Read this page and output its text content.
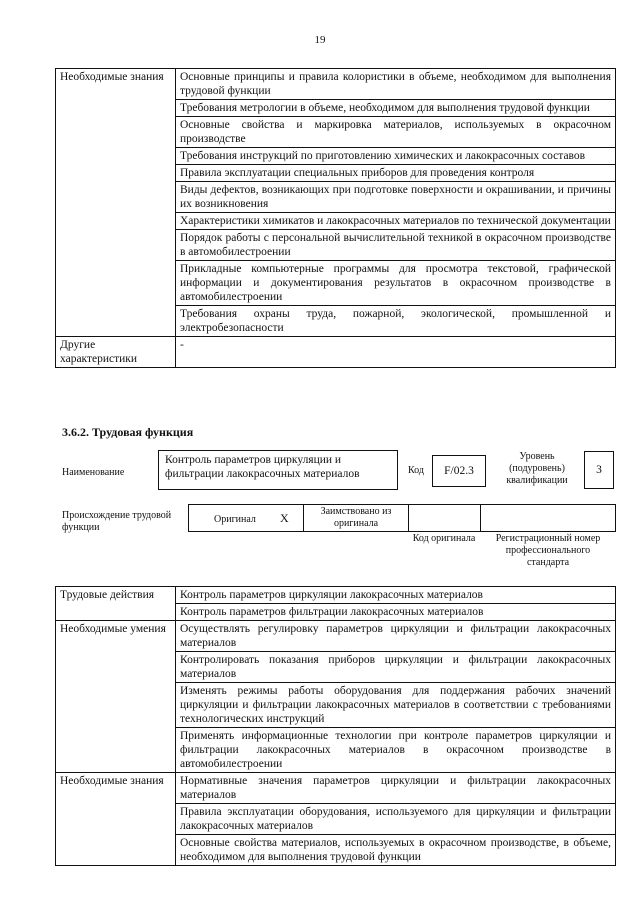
19
Необходимые знания	Основные принципы и правила колористики в объеме, необходимом для выполнения трудовой функции
	Требования метрологии в объеме, необходимом для выполнения трудовой функции
	Основные свойства и маркировка материалов, используемых в окрасочном производстве
	Требования инструкций по приготовлению химических и лакокрасочных составов
	Правила эксплуатации специальных приборов для проведения контроля
	Виды дефектов, возникающих при подготовке поверхности и окрашивании, и причины их возникновения
	Характеристики химикатов и лакокрасочных материалов по технической документации
	Порядок работы с персональной вычислительной техникой в окрасочном производстве в автомобилестроении
	Прикладные компьютерные программы для просмотра текстовой, графической информации и документирования результатов в окрасочном производстве в автомобилестроении
	Требования охраны труда, пожарной, экологической, промышленной и электробезопасности
Другие характеристики	-
3.6.2. Трудовая функция
Наименование
Контроль параметров циркуляции и фильтрации лакокрасочных материалов	Код	F/02.3
Уровень (подуровень) квалификации
3
Происхождение трудовой функции
Оригинал X	Заимствовано из оригинала
Код оригинала	Регистрационный номер профессионального стандарта
Трудовые действия	Контроль параметров циркуляции лакокрасочных материалов
	Контроль параметров фильтрации лакокрасочных материалов
Необходимые умения	Осуществлять регулировку параметров циркуляции и фильтрации лакокрасочных материалов
	Контролировать показания приборов циркуляции и фильтрации лакокрасочных материалов
	Изменять режимы работы оборудования для поддержания рабочих значений циркуляции и фильтрации лакокрасочных материалов в соответствии с требованиями технологических инструкций
	Применять информационные технологии при контроле параметров циркуляции и фильтрации лакокрасочных материалов в окрасочном производстве в автомобилестроении
Необходимые знания	Нормативные значения параметров циркуляции и фильтрации лакокрасочных материалов
	Правила эксплуатации оборудования, используемого для циркуляции и фильтрации лакокрасочных материалов
	Основные свойства материалов, используемых в окрасочном производстве, в объеме, необходимом для выполнения трудовой функции
